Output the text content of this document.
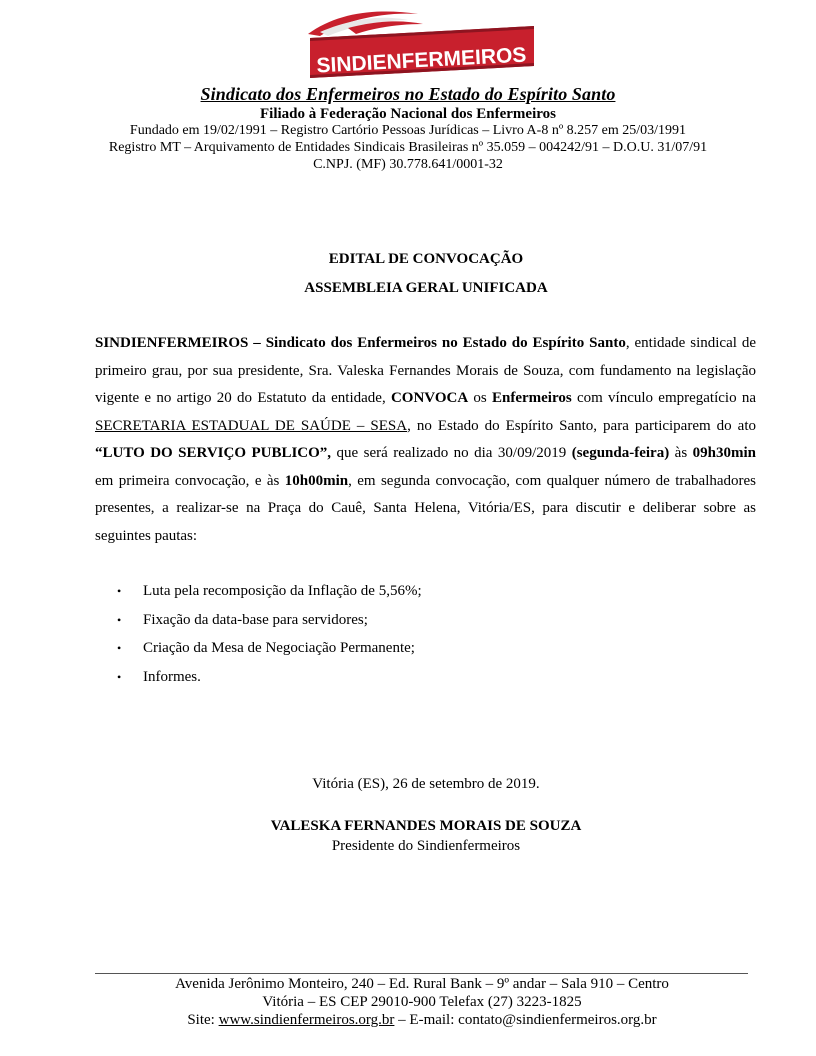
SINDIENFERMEIROS
Sindicato dos Enfermeiros no Estado do Espírito Santo
Filiado à Federação Nacional dos Enfermeiros
Fundado em 19/02/1991 – Registro Cartório Pessoas Jurídicas – Livro A-8 nº 8.257 em 25/03/1991
Registro MT – Arquivamento de Entidades Sindicais Brasileiras nº 35.059 – 004242/91 – D.O.U. 31/07/91
C.NPJ. (MF) 30.778.641/0001-32
EDITAL DE CONVOCAÇÃO
ASSEMBLEIA GERAL UNIFICADA

SINDIENFERMEIROS – Sindicato dos Enfermeiros no Estado do Espírito Santo, entidade sindical de primeiro grau, por sua presidente, Sra. Valeska Fernandes Morais de Souza, com fundamento na legislação vigente e no artigo 20 do Estatuto da entidade, CONVOCA os Enfermeiros com vínculo empregatício na SECRETARIA ESTADUAL DE SAÚDE – SESA, no Estado do Espírito Santo, para participarem do ato “LUTO DO SERVIÇO PUBLICO”, que será realizado no dia 30/09/2019 (segunda-feira) às 09h30min em primeira convocação, e às 10h00min, em segunda convocação, com qualquer número de trabalhadores presentes, a realizar-se na Praça do Cauê, Santa Helena, Vitória/ES, para discutir e deliberar sobre as seguintes pautas:

• Luta pela recomposição da Inflação de 5,56%;
• Fixação da data-base para servidores;
• Criação da Mesa de Negociação Permanente;
• Informes.
Vitória (ES), 26 de setembro de 2019.
VALESKA FERNANDES MORAIS DE SOUZA
Presidente do Sindienfermeiros
Avenida Jerônimo Monteiro, 240 – Ed. Rural Bank – 9º andar – Sala 910 – Centro
Vitória – ES CEP 29010-900 Telefax (27) 3223-1825
Site: www.sindienfermeiros.org.br – E-mail: contato@sindienfermeiros.org.br
